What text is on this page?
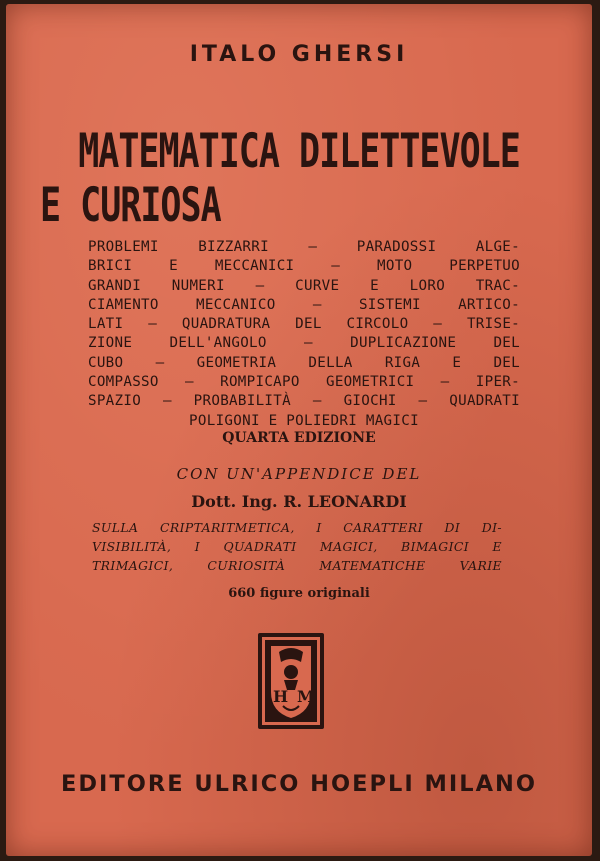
ITALO GHERSI
MATEMATICA DILETTEVOLE
E CURIOSA
PROBLEMI BIZZARRI – PARADOSSI ALGE-
BRICI E MECCANICI – MOTO PERPETUO
GRANDI NUMERI – CURVE E LORO TRAC-
CIAMENTO MECCANICO – SISTEMI ARTICO-
LATI – QUADRATURA DEL CIRCOLO – TRISE-
ZIONE DELL'ANGOLO – DUPLICAZIONE DEL
CUBO – GEOMETRIA DELLA RIGA E DEL
COMPASSO – ROMPICAPO GEOMETRICI – IPER-
SPAZIO – PROBABILITÀ – GIOCHI – QUADRATI
POLIGONI E POLIEDRI MAGICI
QUARTA EDIZIONE
CON UN'APPENDICE DEL
Dott. Ing. R. LEONARDI
SULLA CRIPTARITMETICA, I CARATTERI DI DI-
VISIBILITÀ, I QUADRATI MAGICI, BIMAGICI E
TRIMAGICI, CURIOSITÀ MATEMATICHE VARIE
660 figure originali
H M
EDITORE ULRICO HOEPLI MILANO
